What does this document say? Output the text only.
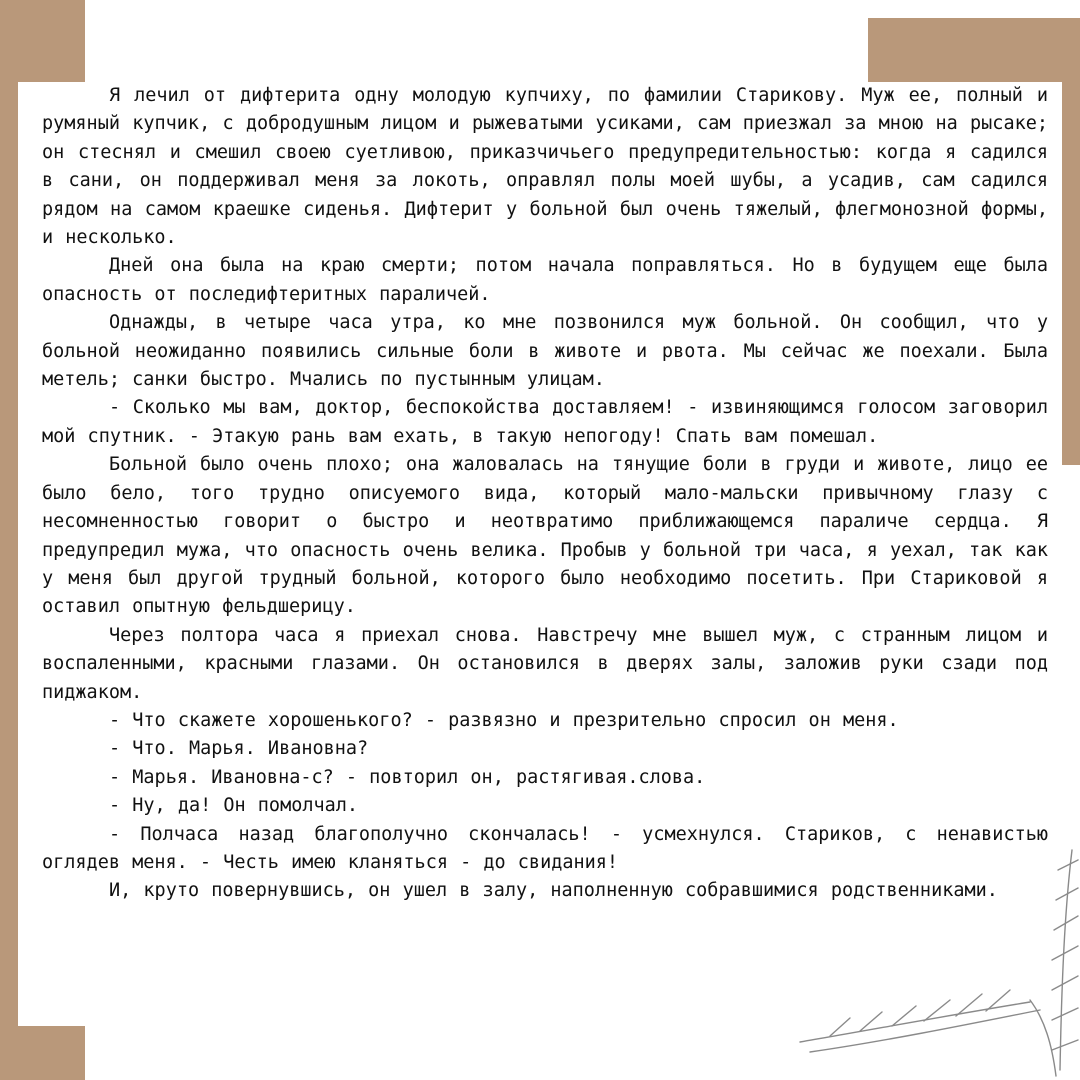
Я лечил от дифтерита одну молодую купчиху, по фамилии Старикову. Муж ее, полный и румяный купчик, с добродушным лицом и рыжеватыми усиками, сам приезжал за мною на рысаке; он стеснял и смешил своею суетливою, приказчичьего предупредительностью: когда я садился в сани, он поддерживал меня за локоть, оправлял полы моей шубы, а усадив, сам садился рядом на самом краешке сиденья. Дифтерит у больной был очень тяжелый, флегмонозной формы, и несколько.

Дней она была на краю смерти; потом начала поправляться. Но в будущем еще была опасность от последифтеритных параличей.

Однажды, в четыре часа утра, ко мне позвонился муж больной. Он сообщил, что у больной неожиданно появились сильные боли в животе и рвота. Мы сейчас же поехали. Была метель; санки быстро. Мчались по пустынным улицам.

- Сколько мы вам, доктор, беспокойства доставляем! - извиняющимся голосом заговорил мой спутник. - Этакую рань вам ехать, в такую непогоду! Спать вам помешал.

Больной было очень плохо; она жаловалась на тянущие боли в груди и животе, лицо ее было бело, того трудно описуемого вида, который мало-мальски привычному глазу с несомненностью говорит о быстро и неотвратимо приближающемся параличе сердца. Я предупредил мужа, что опасность очень велика. Пробыв у больной три часа, я уехал, так как у меня был другой трудный больной, которого было необходимо посетить. При Стариковой я оставил опытную фельдшерицу.

Через полтора часа я приехал снова. Навстречу мне вышел муж, с странным лицом и воспаленными, красными глазами. Он остановился в дверях залы, заложив руки сзади под пиджаком.

- Что скажете хорошенького? - развязно и презрительно спросил он меня.

- Что. Марья. Ивановна?

- Марья. Ивановна-с? - повторил он, растягивая.слова.

- Ну, да! Он помолчал.

- Полчаса назад благополучно скончалась! - усмехнулся. Стариков, с ненавистью оглядев меня. - Честь имею кланяться - до свидания!

И, круто повернувшись, он ушел в залу, наполненную собравшимися родственниками.
